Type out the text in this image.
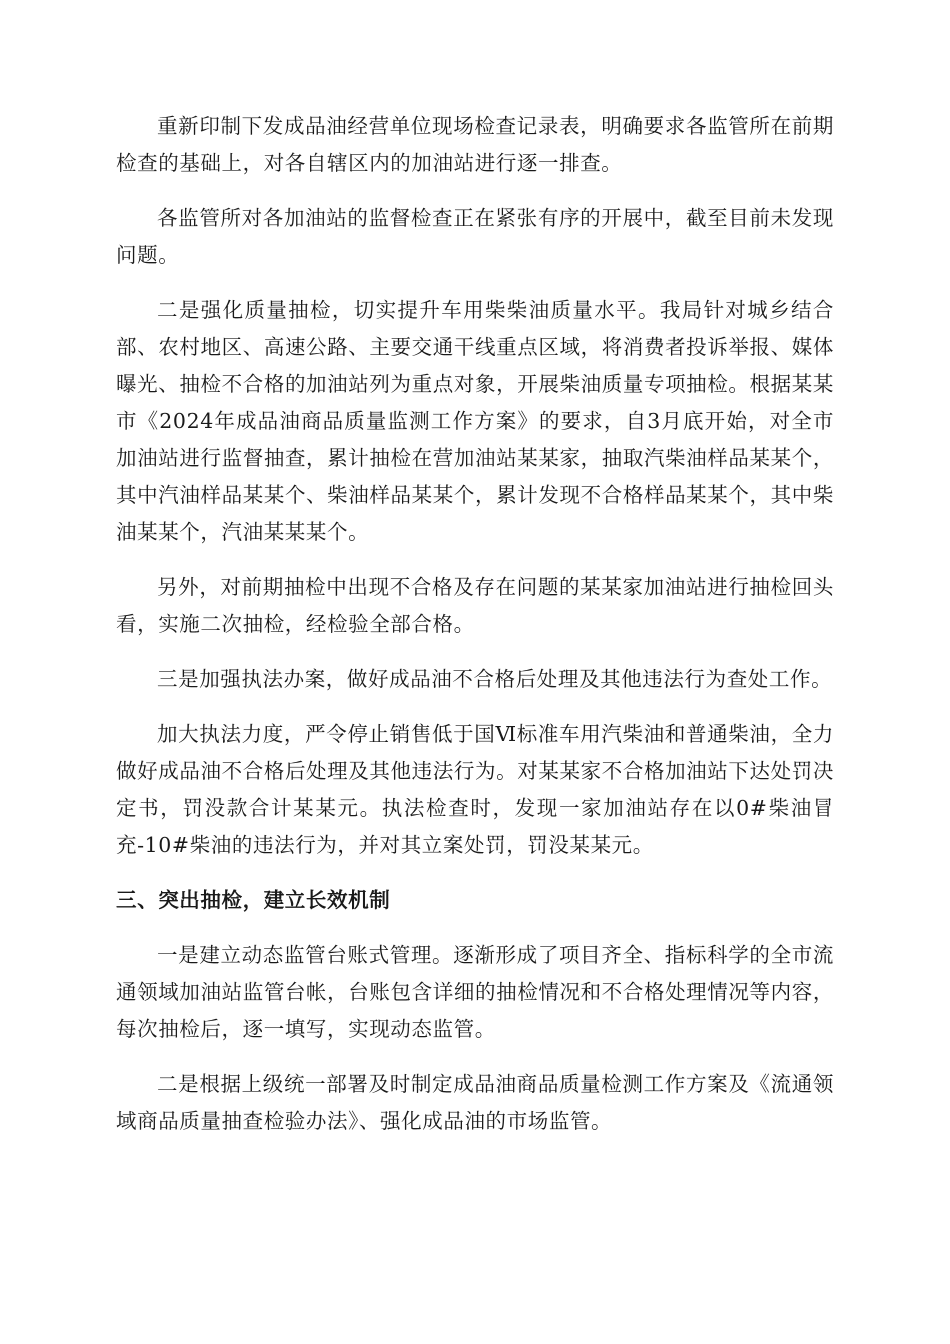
重新印制下发成品油经营单位现场检查记录表，明确要求各监管所在前期检查的基础上，对各自辖区内的加油站进行逐一排查。

各监管所对各加油站的监督检查正在紧张有序的开展中，截至目前未发现问题。

二是强化质量抽检，切实提升车用柴柴油质量水平。我局针对城乡结合部、农村地区、高速公路、主要交通干线重点区域，将消费者投诉举报、媒体曝光、抽检不合格的加油站列为重点对象，开展柴油质量专项抽检。根据某某市《2024年成品油商品质量监测工作方案》的要求，自3月底开始，对全市加油站进行监督抽查，累计抽检在营加油站某某家，抽取汽柴油样品某某个，其中汽油样品某某个、柴油样品某某个，累计发现不合格样品某某个，其中柴油某某个，汽油某某某个。

另外，对前期抽检中出现不合格及存在问题的某某家加油站进行抽检回头看，实施二次抽检，经检验全部合格。

三是加强执法办案，做好成品油不合格后处理及其他违法行为查处工作。

加大执法力度，严令停止销售低于国Ⅵ标准车用汽柴油和普通柴油，全力做好成品油不合格后处理及其他违法行为。对某某家不合格加油站下达处罚决定书，罚没款合计某某元。执法检查时，发现一家加油站存在以0#柴油冒充-10#柴油的违法行为，并对其立案处罚，罚没某某元。

三、突出抽检，建立长效机制

一是建立动态监管台账式管理。逐渐形成了项目齐全、指标科学的全市流通领域加油站监管台帐，台账包含详细的抽检情况和不合格处理情况等内容，每次抽检后，逐一填写，实现动态监管。

二是根据上级统一部署及时制定成品油商品质量检测工作方案及《流通领域商品质量抽查检验办法》、强化成品油的市场监管。
